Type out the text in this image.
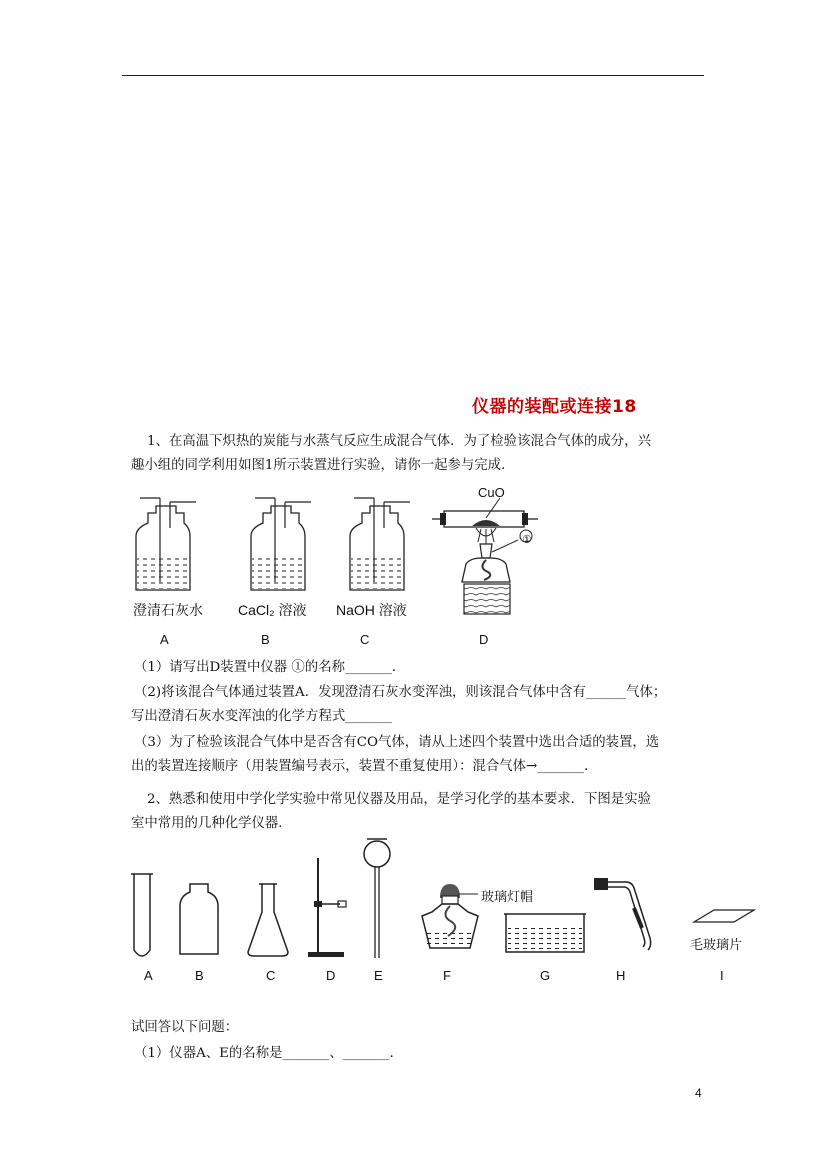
仪器的装配或连接18
1、在高温下炽热的炭能与水蒸气反应生成混合气体．为了检验该混合气体的成分，兴
趣小组的同学利用如图1所示装置进行实验，请你一起参与完成．
CuO
①
澄清石灰水	CaCl₂ 溶液 NaOH 溶液
A	B	C	D
（1）请写出D装置中仪器 ①的名称_______．
（2)将该混合气体通过装置A．发现澄清石灰水变浑浊，则该混合气体中含有______气体；
写出澄清石灰水变浑浊的化学方程式_______
（3）为了检验该混合气体中是否含有CO气体，请从上述四个装置中选出合适的装置，选
出的装置连接顺序（用装置编号表示，装置不重复使用）：混合气体→_______．
2、熟悉和使用中学化学实验中常见仪器及用品，是学习化学的基本要求．下图是实验
室中常用的几种化学仪器．
玻璃灯帽
毛玻璃片
A	B	C	D	E	F	G	H	I
试回答以下问题：
（1）仪器A、E的名称是_______、_______．
4
